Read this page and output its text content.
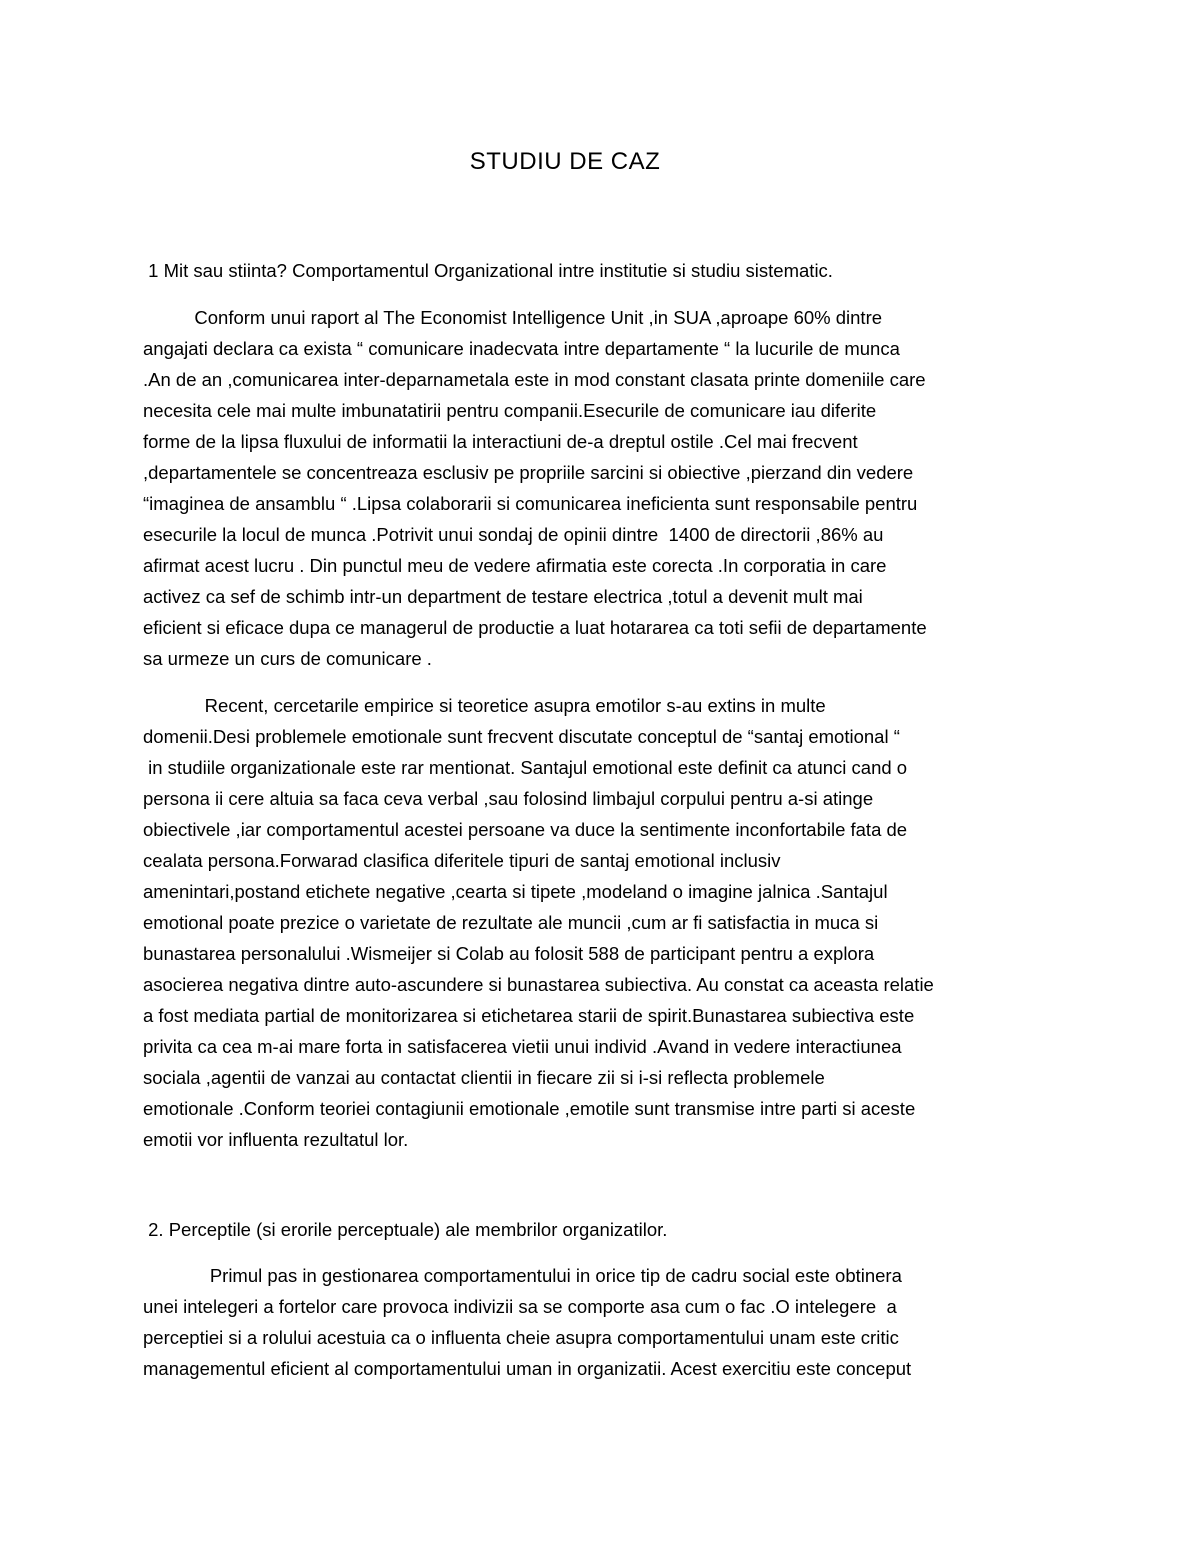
STUDIU DE CAZ
1 Mit sau stiinta? Comportamentul Organizational intre institutie si studiu sistematic.
Conform unui raport al The Economist Intelligence Unit ,in SUA ,aproape 60% dintre
angajati declara ca exista “ comunicare inadecvata intre departamente “ la lucurile de munca
.An de an ,comunicarea inter-deparnametala este in mod constant clasata printe domeniile care
necesita cele mai multe imbunatatirii pentru companii.Esecurile de comunicare iau diferite
forme de la lipsa fluxului de informatii la interactiuni de-a dreptul ostile .Cel mai frecvent
,departamentele se concentreaza esclusiv pe propriile sarcini si obiective ,pierzand din vedere
“imaginea de ansamblu “ .Lipsa colaborarii si comunicarea ineficienta sunt responsabile pentru
esecurile la locul de munca .Potrivit unui sondaj de opinii dintre  1400 de directorii ,86% au
afirmat acest lucru . Din punctul meu de vedere afirmatia este corecta .In corporatia in care
activez ca sef de schimb intr-un department de testare electrica ,totul a devenit mult mai
eficient si eficace dupa ce managerul de productie a luat hotararea ca toti sefii de departamente
sa urmeze un curs de comunicare .
Recent, cercetarile empirice si teoretice asupra emotilor s-au extins in multe
domenii.Desi problemele emotionale sunt frecvent discutate conceptul de “santaj emotional “
in studiile organizationale este rar mentionat. Santajul emotional este definit ca atunci cand o
persona ii cere altuia sa faca ceva verbal ,sau folosind limbajul corpului pentru a-si atinge
obiectivele ,iar comportamentul acestei persoane va duce la sentimente inconfortabile fata de
cealata persona.Forwarad clasifica diferitele tipuri de santaj emotional inclusiv
amenintari,postand etichete negative ,cearta si tipete ,modeland o imagine jalnica .Santajul
emotional poate prezice o varietate de rezultate ale muncii ,cum ar fi satisfactia in muca si
bunastarea personalului .Wismeijer si Colab au folosit 588 de participant pentru a explora
asocierea negativa dintre auto-ascundere si bunastarea subiectiva. Au constat ca aceasta relatie
a fost mediata partial de monitorizarea si etichetarea starii de spirit.Bunastarea subiectiva este
privita ca cea m-ai mare forta in satisfacerea vietii unui individ .Avand in vedere interactiunea
sociala ,agentii de vanzai au contactat clientii in fiecare zii si i-si reflecta problemele
emotionale .Conform teoriei contagiunii emotionale ,emotile sunt transmise intre parti si aceste
emotii vor influenta rezultatul lor.
2. Perceptile (si erorile perceptuale) ale membrilor organizatilor.
Primul pas in gestionarea comportamentului in orice tip de cadru social este obtinera
unei intelegeri a fortelor care provoca indivizii sa se comporte asa cum o fac .O intelegere  a
perceptiei si a rolului acestuia ca o influenta cheie asupra comportamentului unam este critic
managementul eficient al comportamentului uman in organizatii. Acest exercitiu este conceput
